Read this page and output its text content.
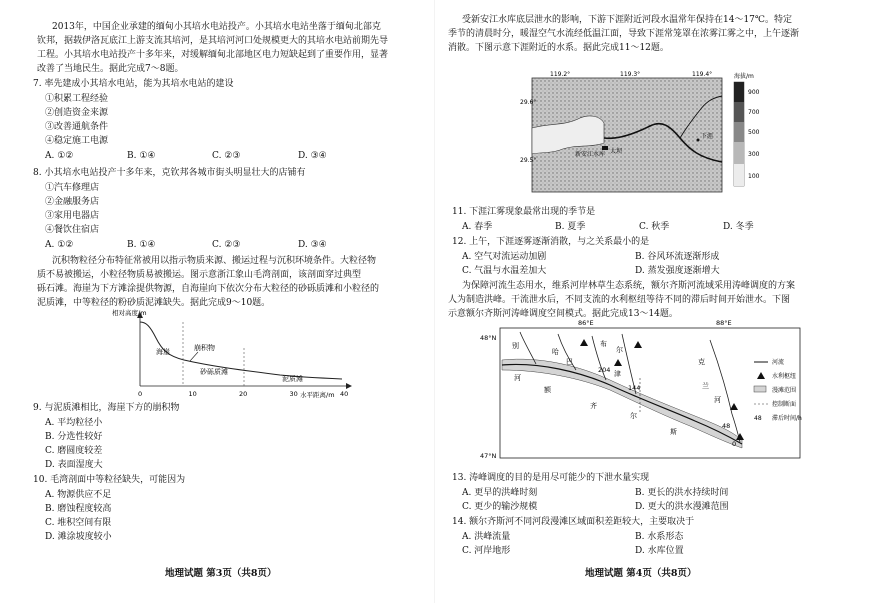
2013年，中国企业承建的缅甸小其培水电站投产。小其培水电站坐落于缅甸北部克
钦邦，据载伊洛瓦底江上游支流其培河，是其培河河口处规模更大的其培水电站前期先导
工程。小其培水电站投产十多年来，对缓解缅甸北部地区电力短缺起到了重要作用，显著
改善了当地民生。据此完成7～8题。
7. 率先建成小其培水电站，能为其培水电站的建设
①积累工程经验
②创造资金来源
③改善通航条件
④稳定施工电源
A. ①②	B. ①④	C. ②③	D. ③④
8. 小其培水电站投产十多年来，克钦邦各城市街头明显壮大的店铺有
①汽车修理店
②金融服务店
③家用电器店
④餐饮住宿店
A. ①②	B. ①④	C. ②③	D. ③④
沉积物粒径分布特征常被用以指示物质来源、搬运过程与沉积环境条件。大粒径物
质不易被搬运，小粒径物质易被搬运。图示意浙江象山毛湾剖面，该剖面穿过典型
砾石滩。海崖为下方滩涂提供物源，自海崖向下依次分布大粒径的砂砾质滩和小粒径的
泥质滩，中等粒径的粉砂质泥滩缺失。据此完成9～10题。
相对高度/m
水平距离/m
海崖	崩积物
砂砾质滩
泥质滩
0	10	20	30	40
9. 与泥质滩相比，海崖下方的崩积物
A. 平均粒径小
B. 分选性较好
C. 磨圆度较差
D. 表面湿度大
10. 毛湾剖面中等粒径缺失，可能因为
A. 物源供应不足
B. 磨蚀程度较高
C. 堆积空间有限
D. 滩涂坡度较小
地理试题 第3页（共8页）
受新安江水库底层泄水的影响，下游下涯附近河段水温常年保持在14～17℃。特定
季节的清晨时分，暖湿空气水流经低温江面，导致下涯常笼罩在浓雾江雾之中，上午逐渐
消散。下图示意下涯附近的水系。据此完成11～12题。
新安江水库 大坝
下涯
119.2°	119.3°	119.4°
29.6°
29.5°
海拔/m
900
700
500
300
100
11. 下涯江雾现象最常出现的季节是
A. 春季	B. 夏季	C. 秋季	D. 冬季
12. 上午，下涯逐雾逐渐消散，与之关系最小的是
A. 空气对流运动加剧	B. 谷风环流逐渐形成
C. 气温与水温差加大	D. 蒸发强度逐渐增大
为保障河流生态用水，维系河岸林草生态系统，额尔齐斯河流域采用涛峰调度的方案
人为制造洪峰。干流泄水后，不同支流的水利枢纽等待不同的滞后时间开始泄水。下图
示意额尔齐斯河涛峰调度空间模式。据此完成13～14题。
86°E	88°E
48°N
47°N
204
144
48
0
别
哈
巴
河
布
尔
津
克
兰
额
尔
齐
斯
河
河流
水利枢纽
漫滩范围
控制断面
48 滞后时间/h
13. 涛峰调度的目的是用尽可能少的下泄水量实现
A. 更早的洪峰时刻	B. 更长的洪水持续时间
C. 更少的输沙规模	D. 更大的洪水漫滩范围
14. 额尔齐斯河不同河段漫滩区域面积差距较大，主要取决于
A. 洪峰流量	B. 水系形态
C. 河岸地形	D. 水库位置
地理试题 第4页（共8页）
